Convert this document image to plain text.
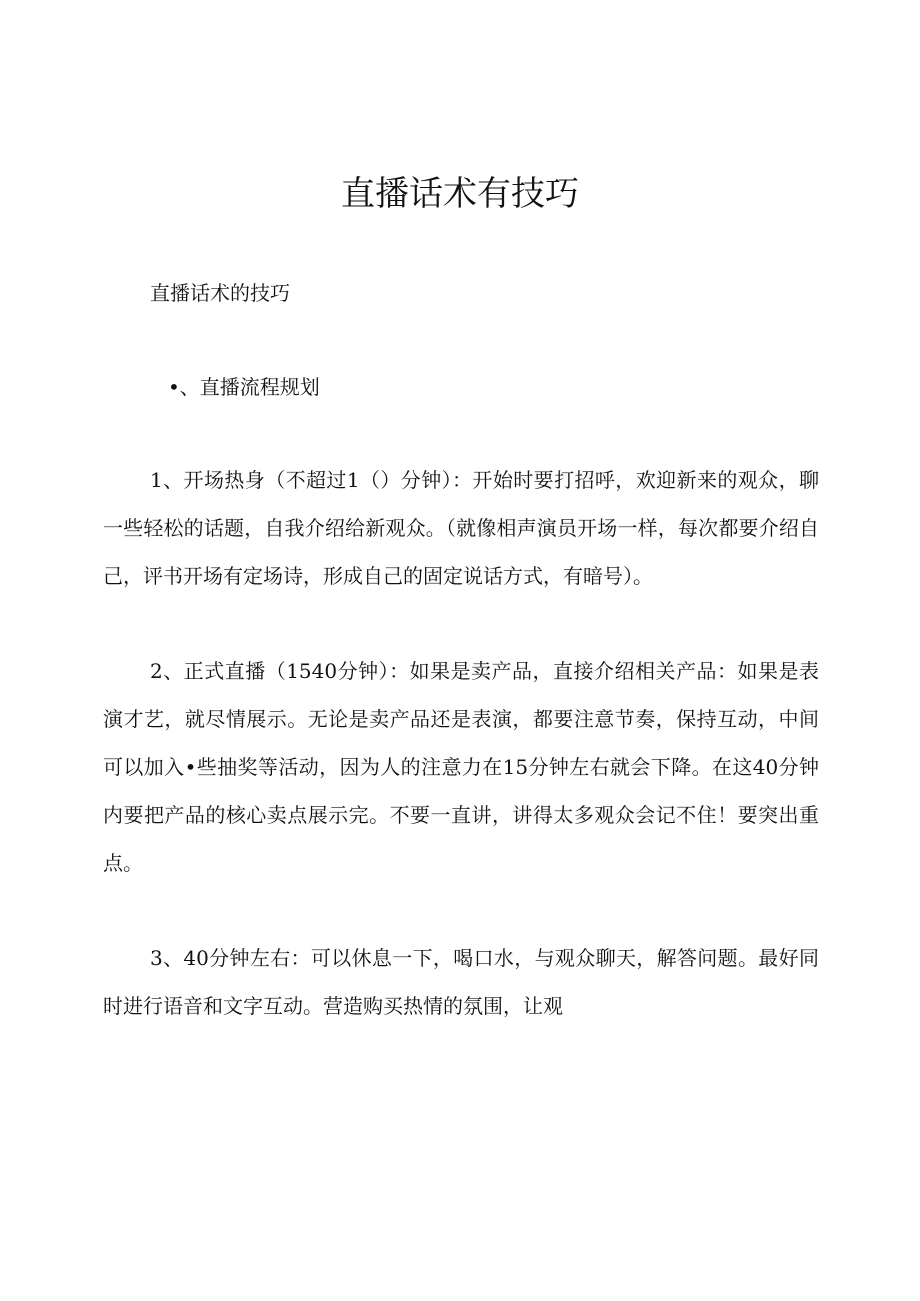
直播话术有技巧

直播话术的技巧

•、直播流程规划

1、开场热身（不超过1（）分钟）：开始时要打招呼，欢迎新来的观众，聊一些轻松的话题，自我介绍给新观众。（就像相声演员开场一样，每次都要介绍自己，评书开场有定场诗，形成自己的固定说话方式，有暗号）。

2、正式直播（1540分钟）：如果是卖产品，直接介绍相关产品：如果是表演才艺，就尽情展示。无论是卖产品还是表演，都要注意节奏，保持互动，中间可以加入•些抽奖等活动，因为人的注意力在15分钟左右就会下降。在这40分钟内要把产品的核心卖点展示完。不要一直讲，讲得太多观众会记不住！要突出重点。

3、40分钟左右：可以休息一下，喝口水，与观众聊天，解答问题。最好同时进行语音和文字互动。营造购买热情的氛围，让观
